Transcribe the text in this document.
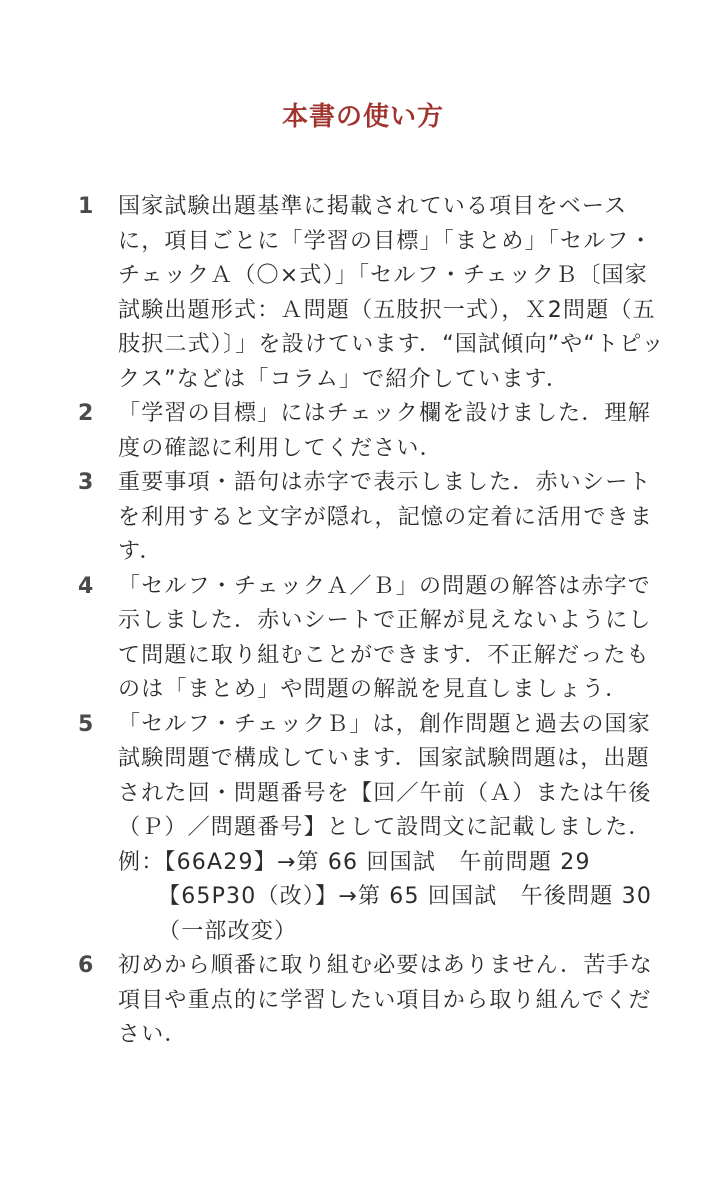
本書の使い方
1 国家試験出題基準に掲載されている項目をベースに，項目ごとに「学習の目標」「まとめ」「セルフ・チェックＡ（〇×式）」「セルフ・チェックＢ〔国家試験出題形式：Ａ問題（五肢択一式），Ｘ2問題（五肢択二式）〕」を設けています．“国試傾向”や“トピックス”などは「コラム」で紹介しています．
2 「学習の目標」にはチェック欄を設けました．理解度の確認に利用してください．
3 重要事項・語句は赤字で表示しました．赤いシートを利用すると文字が隠れ，記憶の定着に活用できます．
4 「セルフ・チェックＡ／Ｂ」の問題の解答は赤字で示しました．赤いシートで正解が見えないようにして問題に取り組むことができます．不正解だったものは「まとめ」や問題の解説を見直しましょう．
5 「セルフ・チェックＢ」は，創作問題と過去の国家試験問題で構成しています．国家試験問題は，出題された回・問題番号を【回／午前（Ａ）または午後（Ｐ）／問題番号】として設問文に記載しました．
例：【66A29】→第 66 回国試　午前問題 29
【65P30（改）】→第 65 回国試　午後問題 30（一部改変）
6 初めから順番に取り組む必要はありません．苦手な項目や重点的に学習したい項目から取り組んでください．
